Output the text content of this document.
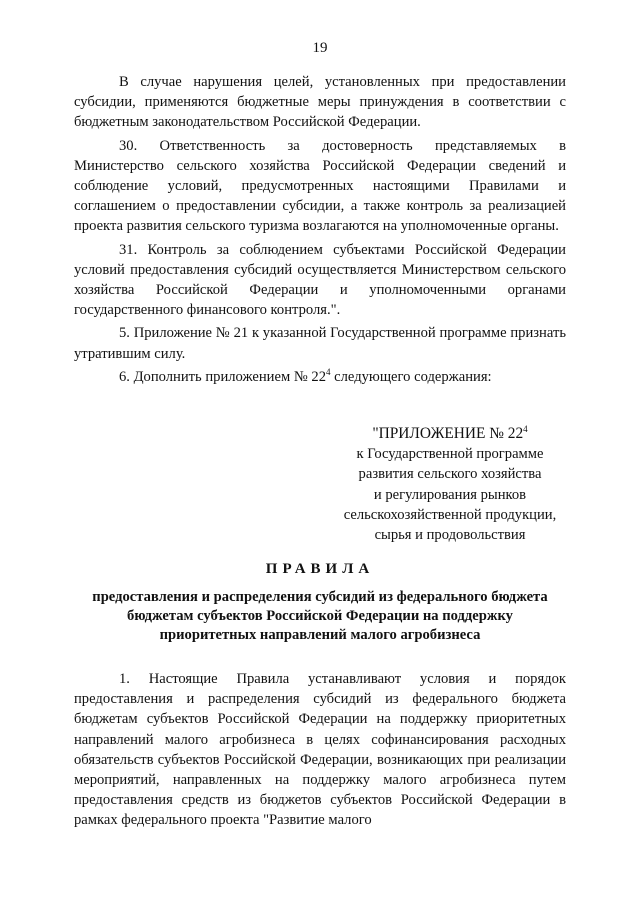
19

В случае нарушения целей, установленных при предоставлении субсидии, применяются бюджетные меры принуждения в соответствии с бюджетным законодательством Российской Федерации.

30. Ответственность за достоверность представляемых в Министерство сельского хозяйства Российской Федерации сведений и соблюдение условий, предусмотренных настоящими Правилами и соглашением о предоставлении субсидии, а также контроль за реализацией проекта развития сельского туризма возлагаются на уполномоченные органы.

31. Контроль за соблюдением субъектами Российской Федерации условий предоставления субсидий осуществляется Министерством сельского хозяйства Российской Федерации и уполномоченными органами государственного финансового контроля.".

5. Приложение № 21 к указанной Государственной программе признать утратившим силу.

6. Дополнить приложением № $22^4$ следующего содержания:

"ПРИЛОЖЕНИЕ № $22^4$
к Государственной программе
развития сельского хозяйства
и регулирования рынков
сельскохозяйственной продукции,
сырья и продовольствия
ПРАВИЛА
предоставления и распределения субсидий из федерального бюджета
бюджетам субъектов Российской Федерации на поддержку
приоритетных направлений малого агробизнеса

1. Настоящие Правила устанавливают условия и порядок предоставления и распределения субсидий из федерального бюджета бюджетам субъектов Российской Федерации на поддержку приоритетных направлений малого агробизнеса в целях софинансирования расходных обязательств субъектов Российской Федерации, возникающих при реализации мероприятий, направленных на поддержку малого агробизнеса путем предоставления средств из бюджетов субъектов Российской Федерации в рамках федерального проекта "Развитие малого
